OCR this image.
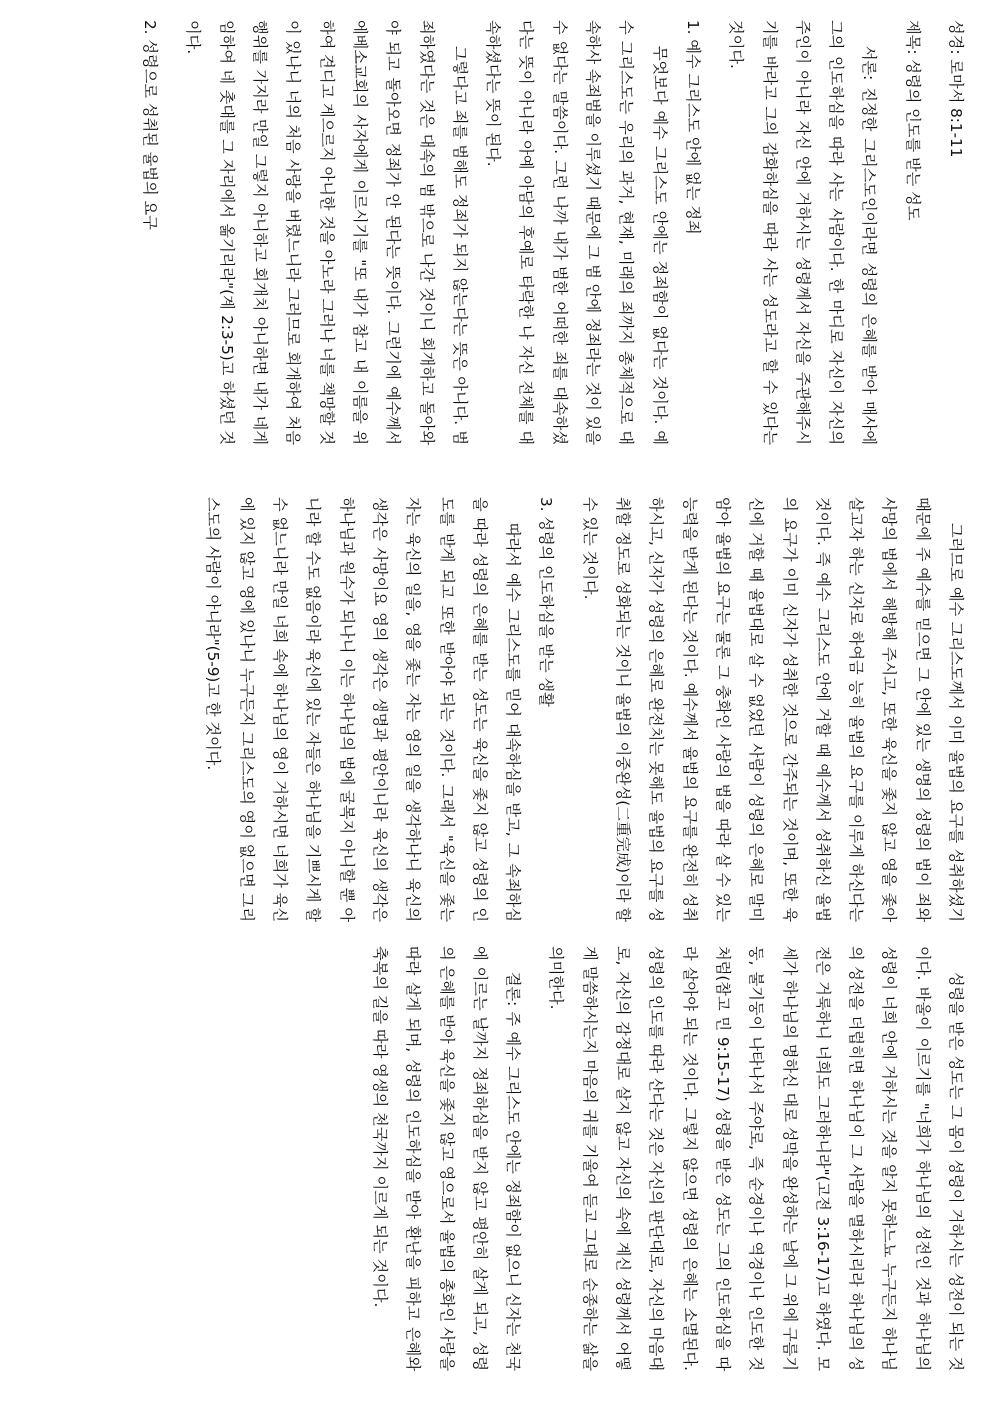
성경: 로마서 8:1-11

제목: 성령의 인도를 받는 성도

서론: 진정한 그리스도인이라면 성령의 은혜를 받아 매사에 그의 인도하심을 따라 사는 사람이다. 한 마디로 자신이 자신의 주인이 아니라 자신 안에 거하시는 성령께서 자신을 주관해주시기를 바라고 그의 감화하심을 따라 사는 성도라고 할 수 있다는 것이다.

1. 예수 그리스도 안에 없는 정죄

무엇보다 예수 그리스도 안에는 정죄함이 없다는 것이다. 예수 그리스도는 우리의 과거, 현재, 미래의 죄까지 총체적으로 대속하사 속죄범을 이루셨기 때문에 그 범 안에 정죄라는 것이 있을 수 없다는 말씀이다. 그런 나까 내가 범한 어떠한 죄를 대속하셨다는 뜻이 아니라 아예 아담의 후예로 타락한 나 자신 전체를 대속하셨다는 뜻이 된다.

그렇다고 죄를 범해도 정죄가 되지 않는다는 뜻은 아니다. 범죄하였다는 것은 대속의 범 밖으로 나간 것이니 회개하고 돌아와야 되고 돌아오면 정죄가 안 된다는 뜻이다. 그런기에 예수께서 에베소교회의 사자에게 이르시기를 "또 내가 참고 내 이름을 위하여 견디고 게으르지 아니한 것을 아노라 그러나 너를 책망할 것이 있나니 너의 처음 사랑을 버렸느니라 그러므로 회개하여 처음 행위를 가지라 만일 그렇지 아니하고 회개치 아니하면 내가 네게 임하여 네 촛대를 그 자리에서 옮기리라"(계 2:3-5)고 하셨던 것이다.

2. 성령으로 성취된 율법의 요구

그러므로 예수 그리스도께서 이미 율법의 요구를 성취하셨기 때문에 주 예수를 믿으면 그 안에 있는 생명의 성령의 법이 죄와 사망의 법에서 해방해 주시고, 또한 육신을 좇지 않고 영을 좇아 살고자 하는 신자로 하여금 능히 율법의 요구를 이루게 하신다는 것이다. 즉 예수 그리스도 안에 거할 때 예수께서 성취하신 율법의 요구가 이미 신자가 성취한 것으로 간주되는 것이며, 또한 육신에 거할 때 율법대로 살 수 없었던 사람이 성령의 은혜로 말미암아 율법의 요구는 물론 그 충화인 사랑의 법을 따라 살 수 있는 능력을 받게 된다는 것이다. 예수께서 율법의 요구를 완전히 성취하시고, 신자가 성령의 은혜로 완전치는 못해도 율법의 요구를 성취할 정도로 성화되는 것이니 율법의 이중완성(二重完成)이라 할 수 있는 것이다.

3. 성령의 인도하심을 받는 생활

따라서 예수 그리스도를 믿어 대속하심을 받고, 그 속죄하심을 따라 성령의 은혜를 받는 성도는 육신을 좇지 않고 성령의 인도를 받게 되고 또한 받아야 되는 것이다. 그래서 "육신을 좇는 자는 육신의 일을, 영을 좇는 자는 영의 일을 생각하나니 육신의 생각은 사망이요 영의 생각은 생명과 평안이니라 육신의 생각은 하나님과 원수가 되나니 이는 하나님의 법에 굴복지 아니할 뿐 아니라 할 수도 없음이라 육신에 있는 자들은 하나님을 기쁘시게 할 수 없느니라 만일 너희 속에 하나님의 영이 거하시면 너희가 육신에 있지 않고 영에 있나니 누구든지 그리스도의 영이 없으면 그리스도의 사람이 아니라"(5-9)고 한 것이다.

성령을 받은 성도는 그 몸이 성령이 거하시는 성전이 되는 것이다. 바울이 이르기를 "너희가 하나님의 성전인 것과 하나님의 성령이 너희 안에 거하시는 것을 알지 못하느뇨 누구든지 하나님의 성전을 더럽히면 하나님이 그 사람을 멸하시리라 하나님의 성전은 거룩하니 너희도 그러하니라"(고전 3:16-17)고 하였다. 모세가 하나님의 명하신 대로 성막을 완성하는 날에 그 위에 구름기둥, 불기둥이 나타나서 주야로, 즉 순경이나 역경이나 인도한 것처럼(참고 민 9:15-17) 성령을 받은 성도는 그의 인도하심을 따라 살아야 되는 것이다. 그렇지 않으면 성령의 은혜는 소멸된다. 성령의 인도를 따라 산다는 것은 자신의 판단대로, 자신의 마음대로, 자신의 감정대로 살지 않고 자신의 속에 계신 성령께서 어떻게 말씀하시는지 마음의 귀를 기울여 듣고 그대로 순종하는 삶을 의미한다.

결론: 주 예수 그리스도 안에는 정죄함이 없으니 신자는 천국에 이르는 날까지 정죄하심을 받지 않고 평안히 살게 되고, 성령의 은혜를 받아 육신을 좇지 않고 영으로서 율법의 총화인 사랑을 따라 살게 되며, 성령의 인도하심을 받아 환난을 피하고 은혜와 축복의 길을 따라 영생의 천국까지 이르게 되는 것이다.
